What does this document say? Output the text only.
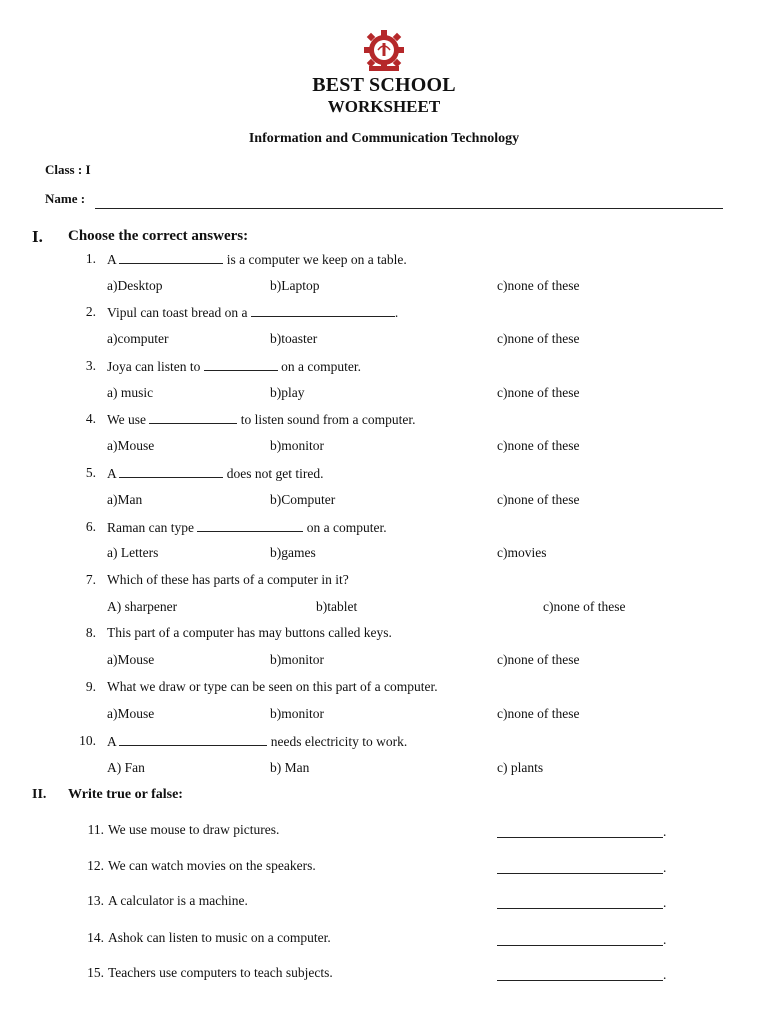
BEST SCHOOL
WORKSHEET
Information and Communication Technology
Class : I
Name :
I. Choose the correct answers:
1. A	is a computer we keep on a table.
a)Desktop	b)Laptop	c)none of these
2. Vipul can toast bread on a	.
a)computer	b)toaster	c)none of these
3. Joya can listen to	on a computer.
a) music	b)play	c)none of these
4. We use	to listen sound from a computer.
a)Mouse	b)monitor	c)none of these
5. A	does not get tired.
a)Man	b)Computer	c)none of these
6. Raman can type	on a computer.
a) Letters	b)games	c)movies
7. Which of these has parts of a computer in it?
A) sharpener	b)tablet	c)none of these
8. This part of a computer has may buttons called keys.
a)Mouse	b)monitor	c)none of these
9. What we draw or type can be seen on this part of a computer.
a)Mouse	b)monitor	c)none of these
10. A	needs electricity to work.
A) Fan	b) Man	c) plants
II. Write true or false:
11. We use mouse to draw pictures.	.
12. We can watch movies on the speakers.	.
13. A calculator is a machine.	.
14. Ashok can listen to music on a computer.	.
15. Teachers use computers to teach subjects.	.
